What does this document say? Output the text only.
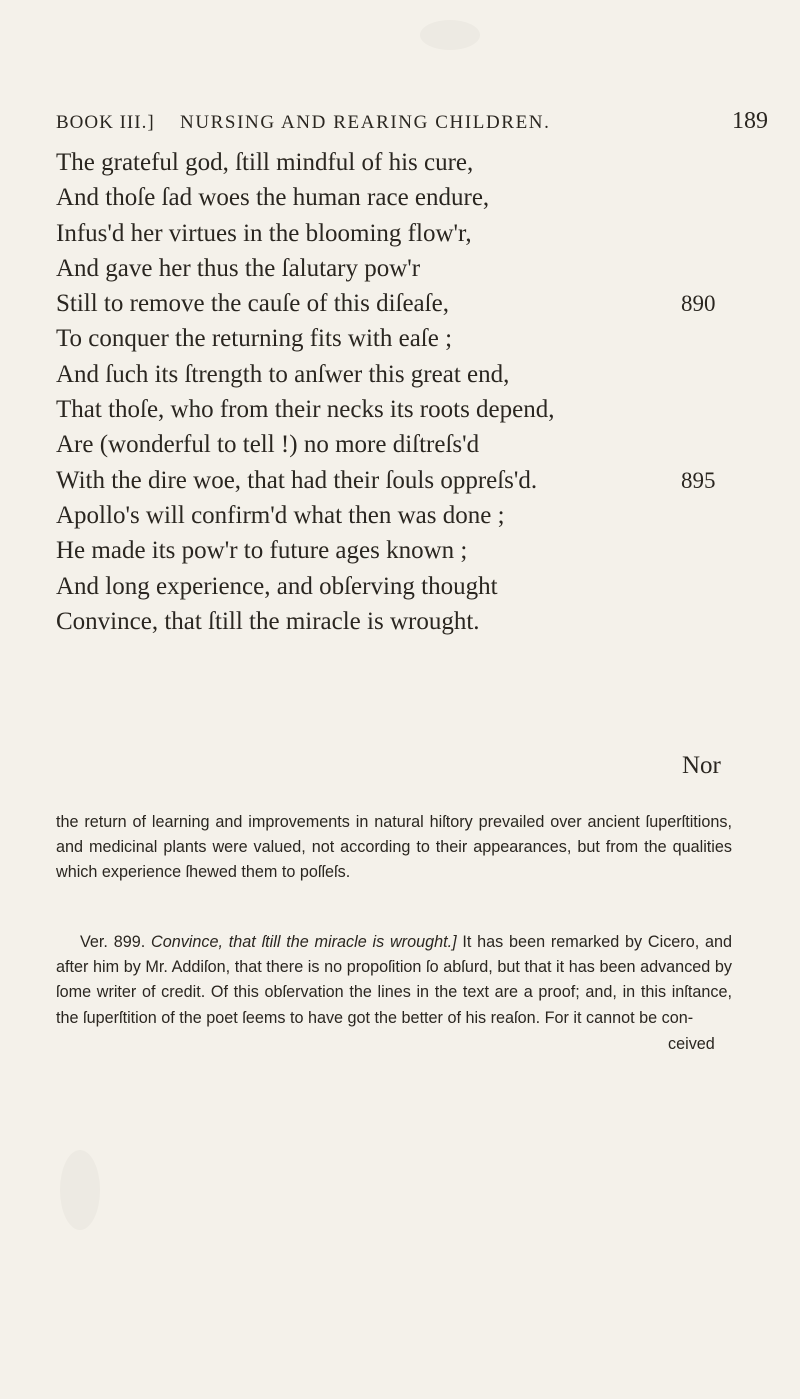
BOOK III.] NURSING AND REARING CHILDREN.	189
The grateful god, ſtill mindful of his cure,
And thoſe ſad woes the human race endure,
Infus'd her virtues in the blooming flow'r,
And gave her thus the ſalutary pow'r
Still to remove the cauſe of this diſeaſe,	890
To conquer the returning fits with eaſe ;
And ſuch its ſtrength to anſwer this great end,
That thoſe, who from their necks its roots depend,
Are (wonderful to tell !) no more diſtreſs'd
With the dire woe, that had their ſouls oppreſs'd.	895
Apollo's will confirm'd what then was done ;
He made its pow'r to future ages known ;
And long experience, and obſerving thought
Convince, that ſtill the miracle is wrought.
Nor

the return of learning and improvements in natural hiſtory prevailed over ancient ſuperſtitions, and medicinal plants were valued, not according to their appearances, but from the qualities which experience ſhewed them to poſſeſs.

Ver. 899. Convince, that ſtill the miracle is wrought.] It has been remarked by Cicero, and after him by Mr. Addiſon, that there is no propoſition ſo abſurd, but that it has been advanced by ſome writer of credit. Of this obſervation the lines in the text are a proof; and, in this inſtance, the ſuperſtition of the poet ſeems to have got the better of his reaſon. For it cannot be con-

ceived
